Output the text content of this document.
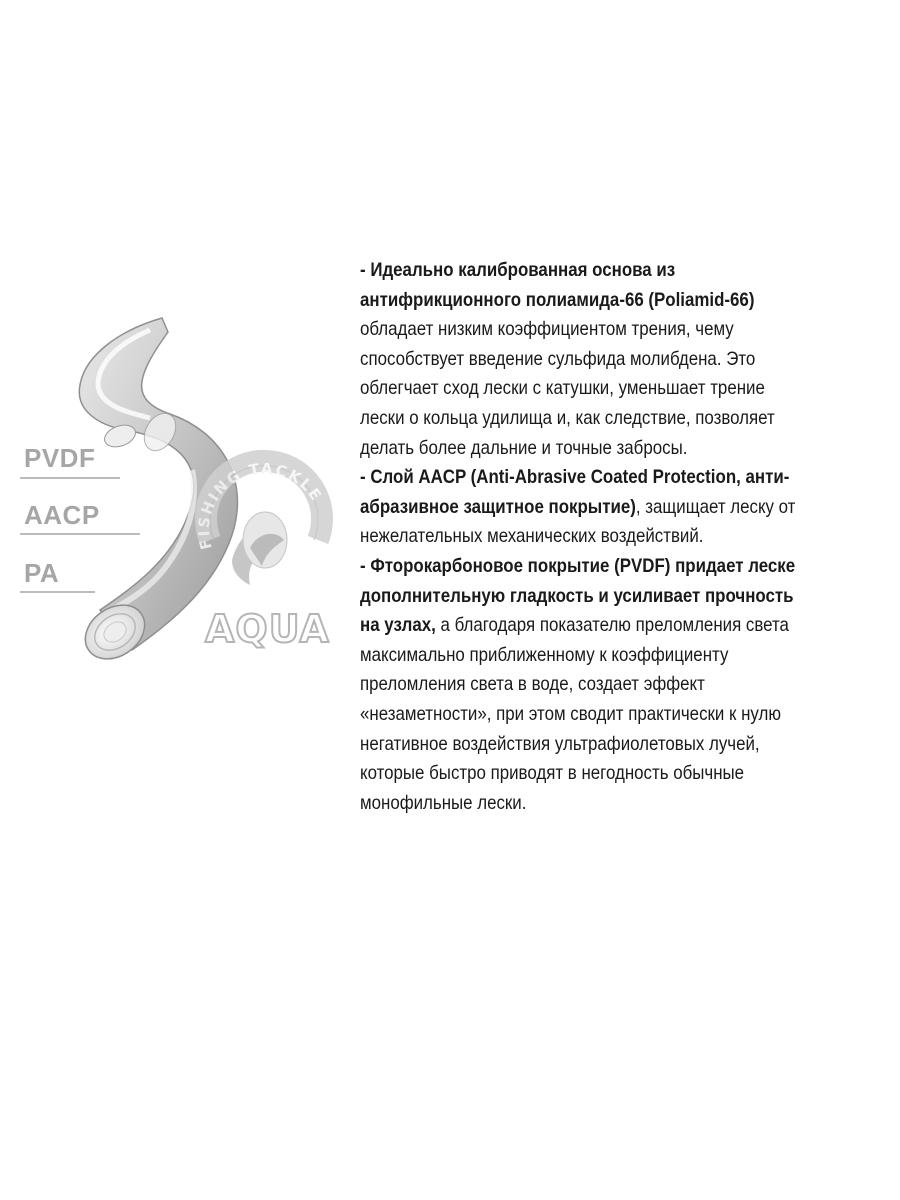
FISHING TACKLE
AQUA
PVDF
AACP
PA

- Идеально калиброванная основа из антифрикционного полиамида-66 (Poliamid-66) обладает низким коэффициентом трения, чему способствует введение сульфида молибдена. Это облегчает сход лески с катушки, уменьшает трение лески о кольца удилища и, как следствие, позволяет делать более дальние и точные забросы.

- Слой AACP (Anti-Abrasive Coated Protection, анти-абразивное защитное покрытие), защищает леску от нежелательных механических воздействий.

- Фторокарбоновое покрытие (PVDF) придает леске дополнительную гладкость и усиливает прочность на узлах, а благодаря показателю преломления света максимально приближенному к коэффициенту преломления света в воде, создает эффект «незаметности», при этом сводит практически к нулю негативное воздействия ультрафиолетовых лучей, которые быстро приводят в негодность обычные монофильные лески.
